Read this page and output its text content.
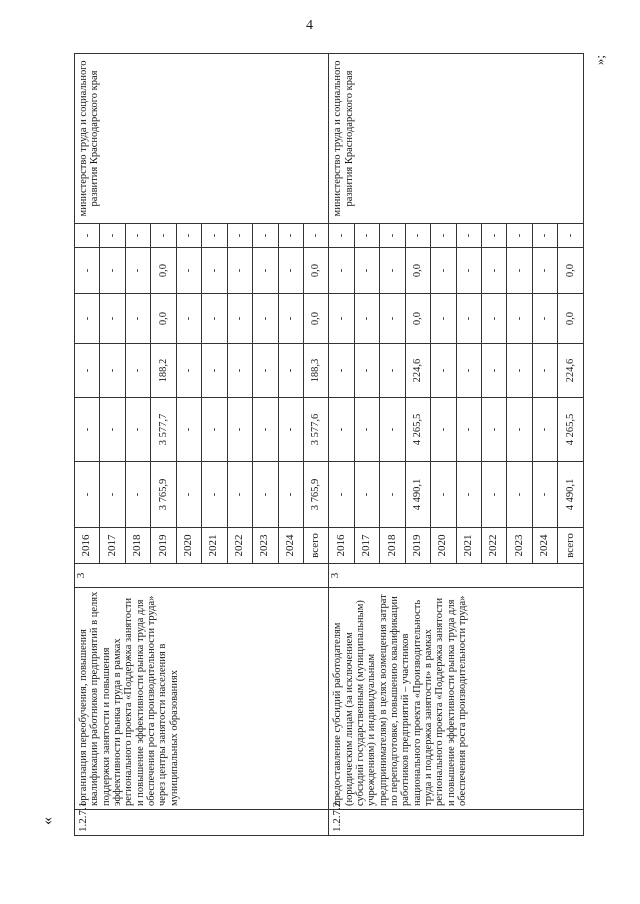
4
«
»;
1.2.7.1	организация переобучения, повышения квалификации работников предприятий в целях поддержки занятости и повышения эффективности рынка труда в рамках регионального проекта «Поддержка занятости и повышение эффективности рынка труда для обеспечения роста производительности труда» через центры занятости населения в муниципальных образованиях	3	2016	-	-	-	-	-	-	министерство труда и социального развития Краснодарского края
			2017	-	-	-	-	-	-	
			2018	-	-	-	-	-	-	
			2019	3 765,9	3 577,7	188,2	0,0	0,0	-	
			2020	-	-	-	-	-	-	
			2021	-	-	-	-	-	-	
			2022	-	-	-	-	-	-	
			2023	-	-	-	-	-	-	
			2024	-	-	-	-	-	-	
			всего	3 765,9	3 577,6	188,3	0,0	0,0	-	
1.2.7.2	предоставление субсидий работодателям (юридическим лицам (за исключением субсидий государственным (муниципальным) учреждениям) и индивидуальным предпринимателям) в целях возмещения затрат по переподготовке, повышению квалификации работников предприятий – участников национального проекта «Производительность труда и поддержка занятости» в рамках регионального проекта «Поддержка занятости и повышение эффективности рынка труда для обеспечения роста производительности труда»	3	2016	-	-	-	-	-	-	министерство труда и социального развития Краснодарского края
			2017	-	-	-	-	-	-	
			2018	-	-	-	-	-	-	
			2019	4 490,1	4 265,5	224,6	0,0	0,0	-	
			2020	-	-	-	-	-	-	
			2021	-	-	-	-	-	-	
			2022	-	-	-	-	-	-	
			2023	-	-	-	-	-	-	
			2024	-	-	-	-	-	-	
			всего	4 490,1	4 265,5	224,6	0,0	0,0	-	
